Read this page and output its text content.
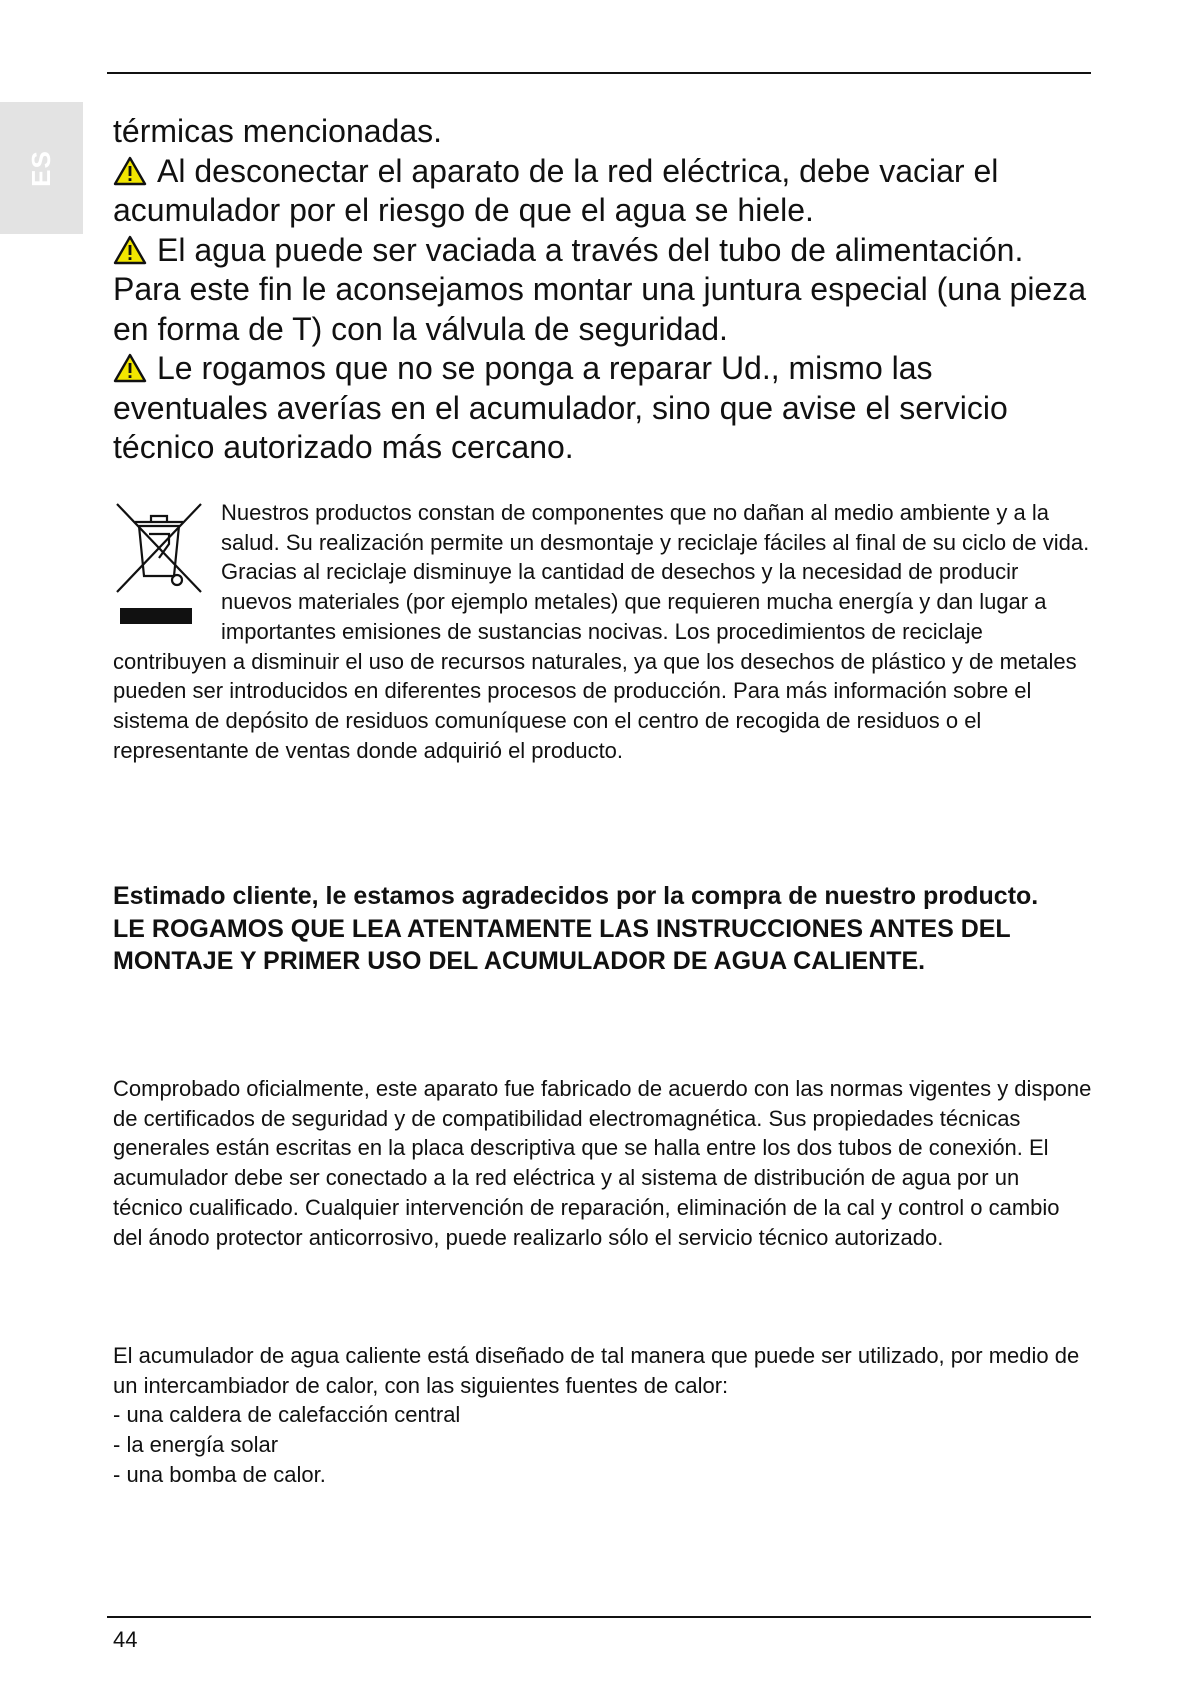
ES

térmicas mencionadas.

Al desconectar el aparato de la red eléctrica, debe vaciar el acumulador por el riesgo de que el agua se hiele.

El agua puede ser vaciada a través del tubo de alimentación. Para este fin le aconsejamos montar una juntura especial (una pieza en forma de T) con la válvula de seguridad.

Le rogamos que no se ponga a reparar Ud., mismo las eventuales averías en el acumulador, sino que avise el servicio técnico autorizado más cercano.

Nuestros productos constan de componentes que no dañan al medio ambiente y a la salud. Su realización permite un desmontaje y reciclaje fáciles al final de su ciclo de vida. Gracias al reciclaje disminuye la cantidad de desechos y la necesidad de producir nuevos materiales (por ejemplo metales) que requieren mucha energía y dan lugar a importantes emisiones de sustancias nocivas. Los procedimientos de reciclaje contribuyen a disminuir el uso de recursos naturales, ya que los desechos de plástico y de metales pueden ser introducidos en diferentes procesos de producción. Para más información sobre el sistema de depósito de residuos comuníquese con el centro de recogida de residuos o el representante de ventas donde adquirió el producto.

Estimado cliente, le estamos agradecidos por la compra de nuestro producto.

LE ROGAMOS QUE LEA ATENTAMENTE LAS INSTRUCCIONES ANTES DEL MONTAJE Y PRIMER USO DEL ACUMULADOR DE AGUA CALIENTE.

Comprobado oficialmente, este aparato fue fabricado de acuerdo con las normas vigentes y dispone de certificados de seguridad y de compatibilidad electromagnética. Sus propiedades técnicas generales están escritas en la placa descriptiva que se halla entre los dos tubos de conexión. El acumulador debe ser conectado a la red eléctrica y al sistema de distribución de agua por un técnico cualificado. Cualquier intervención de reparación, eliminación de la cal y control o cambio del ánodo protector anticorrosivo, puede realizarlo sólo el servicio técnico autorizado.

El acumulador de agua caliente está diseñado de tal manera que puede ser utilizado, por medio de un intercambiador de calor, con las siguientes fuentes de calor:

- una caldera de calefacción central
- la energía solar
- una bomba de calor.
44
